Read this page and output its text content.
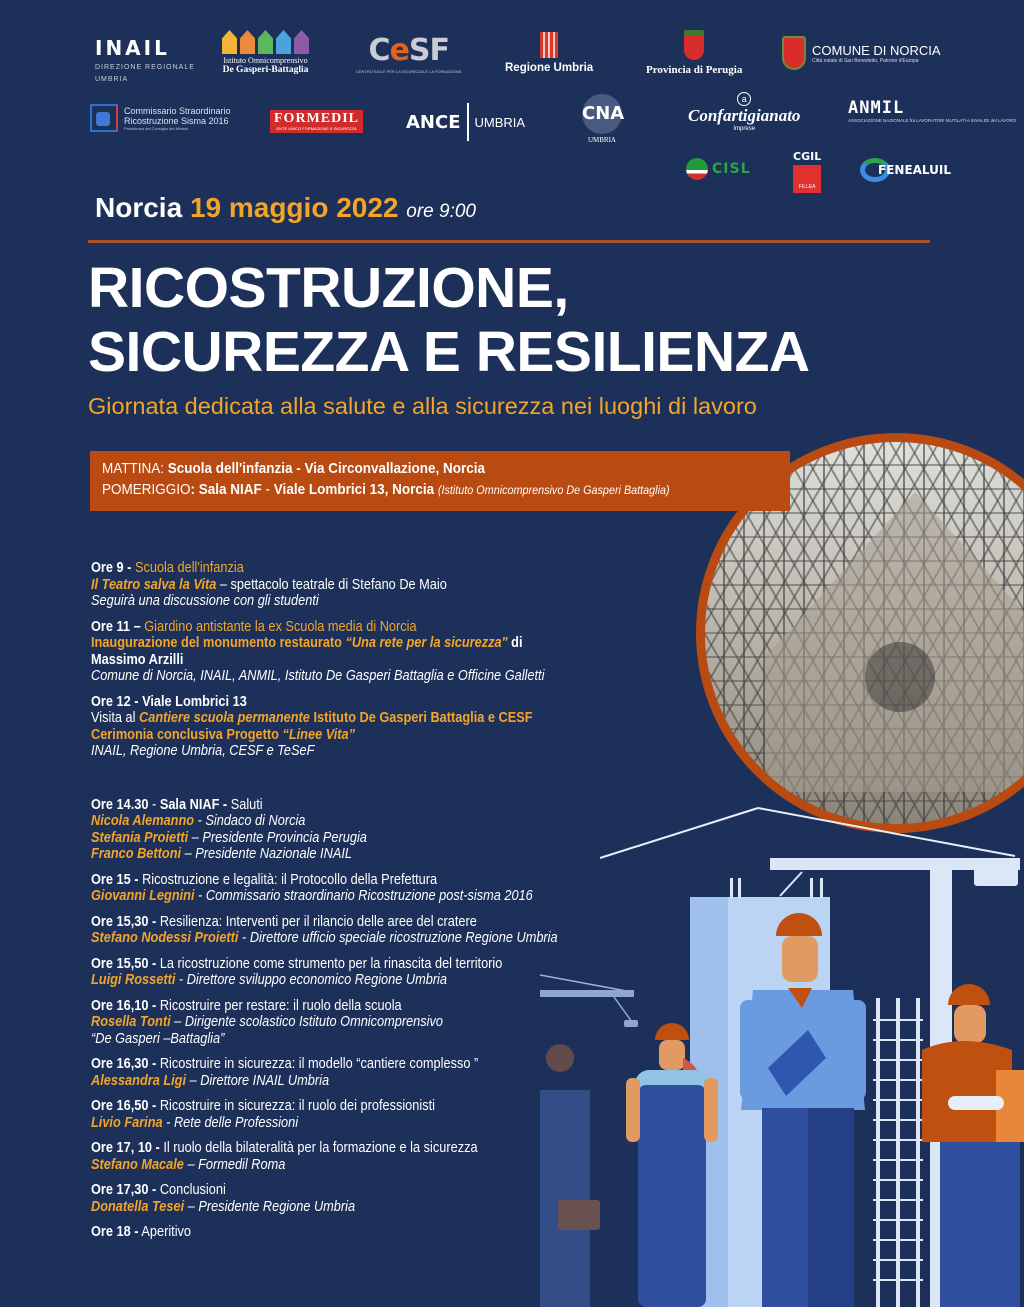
INAIL
DIREZIONE REGIONALE
UMBRIA
Istituto Omnicomprensivo
De Gasperi-Battaglia
CeSF
CENTRO EDILE PER LA SICUREZZA E LA FORMAZIONE	Regione Umbria	Provincia di Perugia
COMUNE DI NORCIA
Città natale di San Benedetto, Patrono d'Europa
Commissario Straordinario
Ricostruzione Sisma 2016
Presidenza del Consiglio dei Ministri
FORMEDIL
ENTE UNICO FORMAZIONE E SICUREZZA	ANCE UMBRIA	CNA
UMBRIA
a
Confartigianato
Imprese
ANMIL
ASSOCIAZIONE NAZIONALE fra LAVORATORI MUTILATI e INVALIDI del LAVORO
CISL
CGIL
FILLEA
FENEALUIL
Norcia 19 maggio 2022 ore 9:00
RICOSTRUZIONE,
SICUREZZA E RESILIENZA
Giornata dedicata alla salute e alla sicurezza nei luoghi di lavoro
MATTINA: Scuola dell'infanzia - Via Circonvallazione, Norcia
POMERIGGIO: Sala NIAF - Viale Lombrici 13, Norcia (Istituto Omnicomprensivo De Gasperi Battaglia)
Ore 9 - Scuola dell'infanzia
Il Teatro salva la Vita – spettacolo teatrale di Stefano De Maio
Seguirà una discussione con gli studenti
Ore 11 – Giardino antistante la ex Scuola media di Norcia
Inaugurazione del monumento restaurato “Una rete per la sicurezza" di
Massimo Arzilli
Comune di Norcia, INAIL, ANMIL, Istituto De Gasperi Battaglia e Officine Galletti
Ore 12 - Viale Lombrici 13
Visita al Cantiere scuola permanente Istituto De Gasperi Battaglia e CESF
Cerimonia conclusiva Progetto “Linee Vita”
INAIL, Regione Umbria, CESF e TeSeF
Ore 14.30 - Sala NIAF - Saluti
Nicola Alemanno - Sindaco di Norcia
Stefania Proietti – Presidente Provincia Perugia
Franco Bettoni – Presidente Nazionale INAIL
Ore 15 - Ricostruzione e legalità: il Protocollo della Prefettura
Giovanni Legnini - Commissario straordinario Ricostruzione post-sisma 2016
Ore 15,30 - Resilienza: Interventi per il rilancio delle aree del cratere
Stefano Nodessi Proietti - Direttore ufficio speciale ricostruzione Regione Umbria
Ore 15,50 - La ricostruzione come strumento per la rinascita del territorio
Luigi Rossetti - Direttore sviluppo economico Regione Umbria
Ore 16,10 - Ricostruire per restare: il ruolo della scuola
Rosella Tonti – Dirigente scolastico Istituto Omnicomprensivo
“De Gasperi –Battaglia”
Ore 16,30 - Ricostruire in sicurezza: il modello “cantiere complesso ”
Alessandra Ligi – Direttore INAIL Umbria
Ore 16,50 - Ricostruire in sicurezza: il ruolo dei professionisti
Livio Farina - Rete delle Professioni
Ore 17, 10 - Il ruolo della bilateralità per la formazione e la sicurezza
Stefano Macale – Formedil Roma
Ore 17,30 - Conclusioni
Donatella Tesei – Presidente Regione Umbria
Ore 18 - Aperitivo
